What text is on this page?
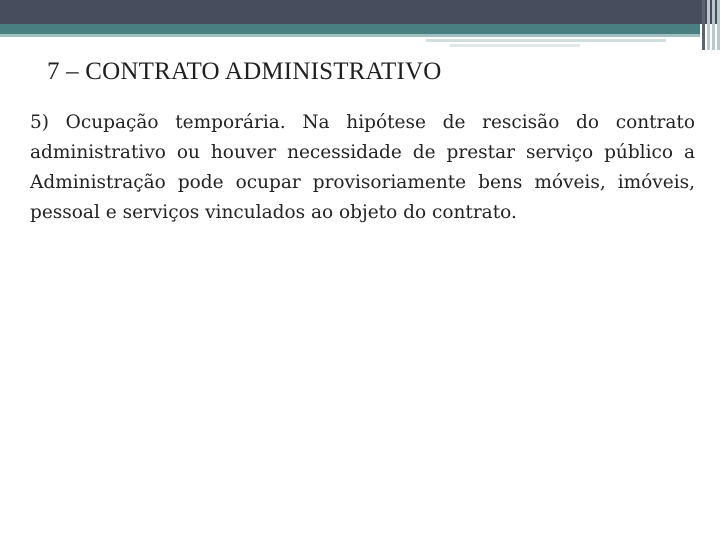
7 – CONTRATO ADMINISTRATIVO
5) Ocupação temporária. Na hipótese de rescisão do contrato administrativo ou houver necessidade de prestar serviço público a Administração pode ocupar provisoriamente bens móveis, imóveis, pessoal e serviços vinculados ao objeto do contrato.
